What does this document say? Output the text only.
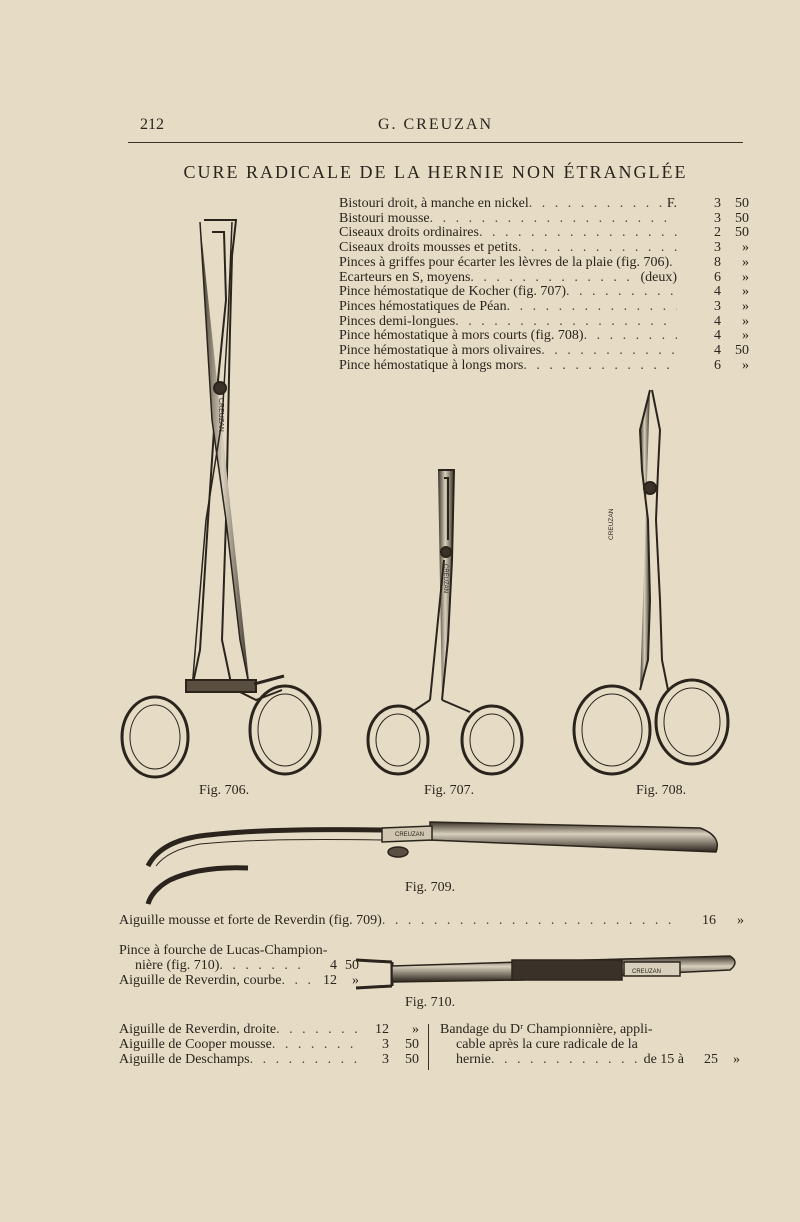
212	G. CREUZAN
CURE RADICALE DE LA HERNIE NON ÉTRANGLÉE
Bistouri droit, à manche en nickel . . .	F.	3	50
Bistouri mousse . . .	3	50
Ciseaux droits ordinaires . . .	2	50
Ciseaux droits mousses et petits . . .	3	»
Pinces à griffes pour écarter les lèvres de la plaie (fig. 706) . . .	8	»
Écarteurs en S, moyens . . .	(deux)	6	»
Pince hémostatique de Kocher (fig. 707) . . .	4	»
Pinces hémostatiques de Péan . . .	3	»
Pinces demi-longues . . .	4	»
Pince hémostatique à mors courts (fig. 708) . . .	4	»
Pince hémostatique à mors olivaires . . .	4	50
Pince hémostatique à longs mors . . .	6	»
CREUZAN
CREUZAN
CREUZAN
CREUZAN
CREUZAN
Fig. 706.	Fig. 707.	Fig. 708.
Fig. 709.
Fig. 710.
Aiguille mousse et forte de Reverdin (fig. 709) . . .	16	»
Pince à fourche de Lucas-Champion-
nière (fig. 710) . . .	4 50
Aiguille de Reverdin, courbe . . .	12	»
Aiguille de Reverdin, droite . . .	12	»
Aiguille de Cooper mousse . . .	3	50
Aiguille de Deschamps . . .	3	50
Bandage du Dʳ Championnière, appli-
cable après la cure radicale de la
hernie . . .	de 15 à	25	»
